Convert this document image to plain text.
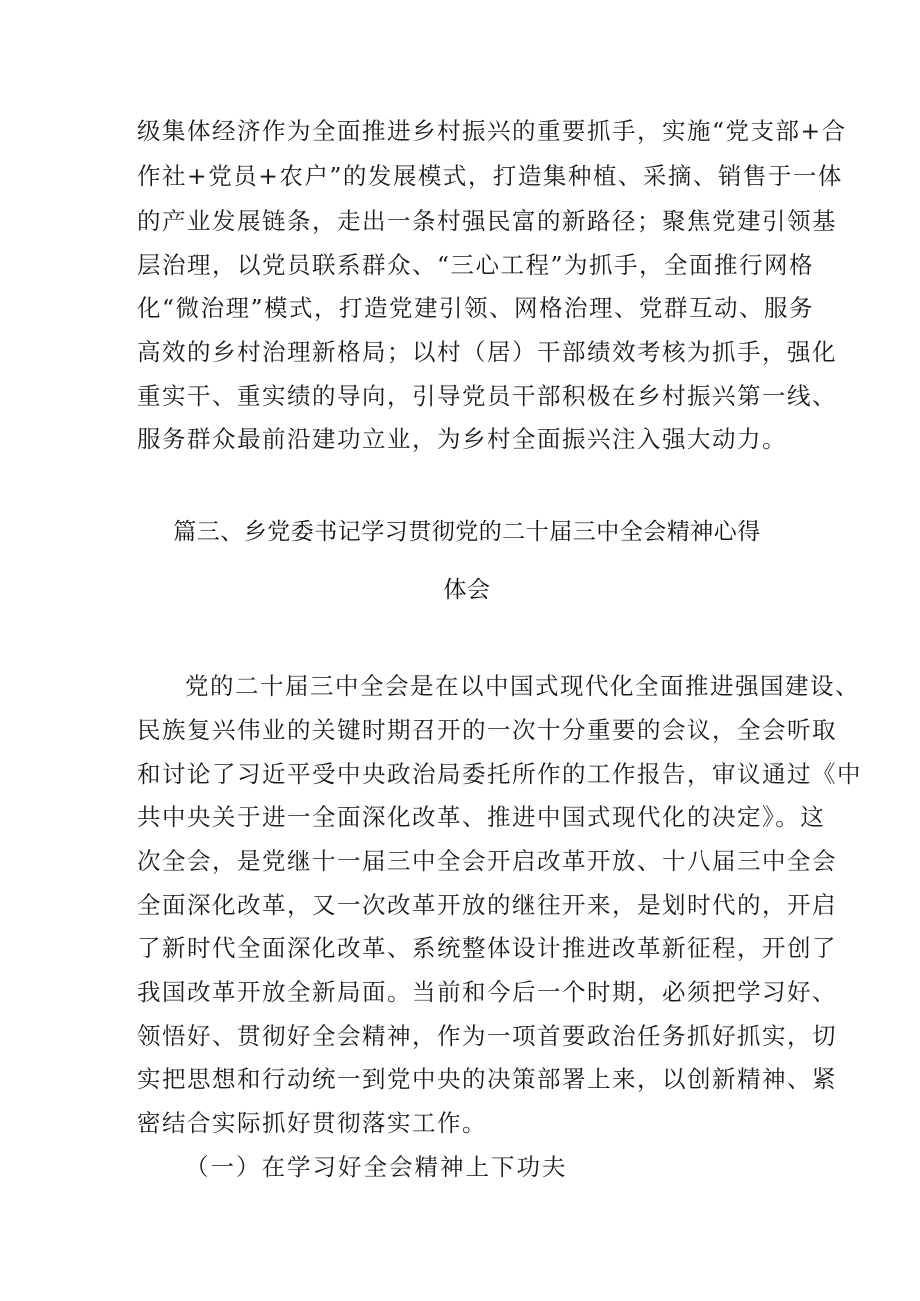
级集体经济作为全面推进乡村振兴的重要抓手，实施“党支部+合
作社+党员+农户”的发展模式，打造集种植、采摘、销售于一体
的产业发展链条，走出一条村强民富的新路径；聚焦党建引领基
层治理，以党员联系群众、“三心工程”为抓手，全面推行网格
化“微治理”模式，打造党建引领、网格治理、党群互动、服务
高效的乡村治理新格局；以村（居）干部绩效考核为抓手，强化
重实干、重实绩的导向，引导党员干部积极在乡村振兴第一线、
服务群众最前沿建功立业，为乡村全面振兴注入强大动力。
篇三、乡党委书记学习贯彻党的二十届三中全会精神心得
体会
党的二十届三中全会是在以中国式现代化全面推进强国建设、
民族复兴伟业的关键时期召开的一次十分重要的会议，全会听取
和讨论了习近平受中央政治局委托所作的工作报告，审议通过《中
共中央关于进一全面深化改革、推进中国式现代化的决定》。这
次全会，是党继十一届三中全会开启改革开放、十八届三中全会
全面深化改革，又一次改革开放的继往开来，是划时代的，开启
了新时代全面深化改革、系统整体设计推进改革新征程，开创了
我国改革开放全新局面。当前和今后一个时期，必须把学习好、
领悟好、贯彻好全会精神，作为一项首要政治任务抓好抓实，切
实把思想和行动统一到党中央的决策部署上来，以创新精神、紧
密结合实际抓好贯彻落实工作。
（一）在学习好全会精神上下功夫
